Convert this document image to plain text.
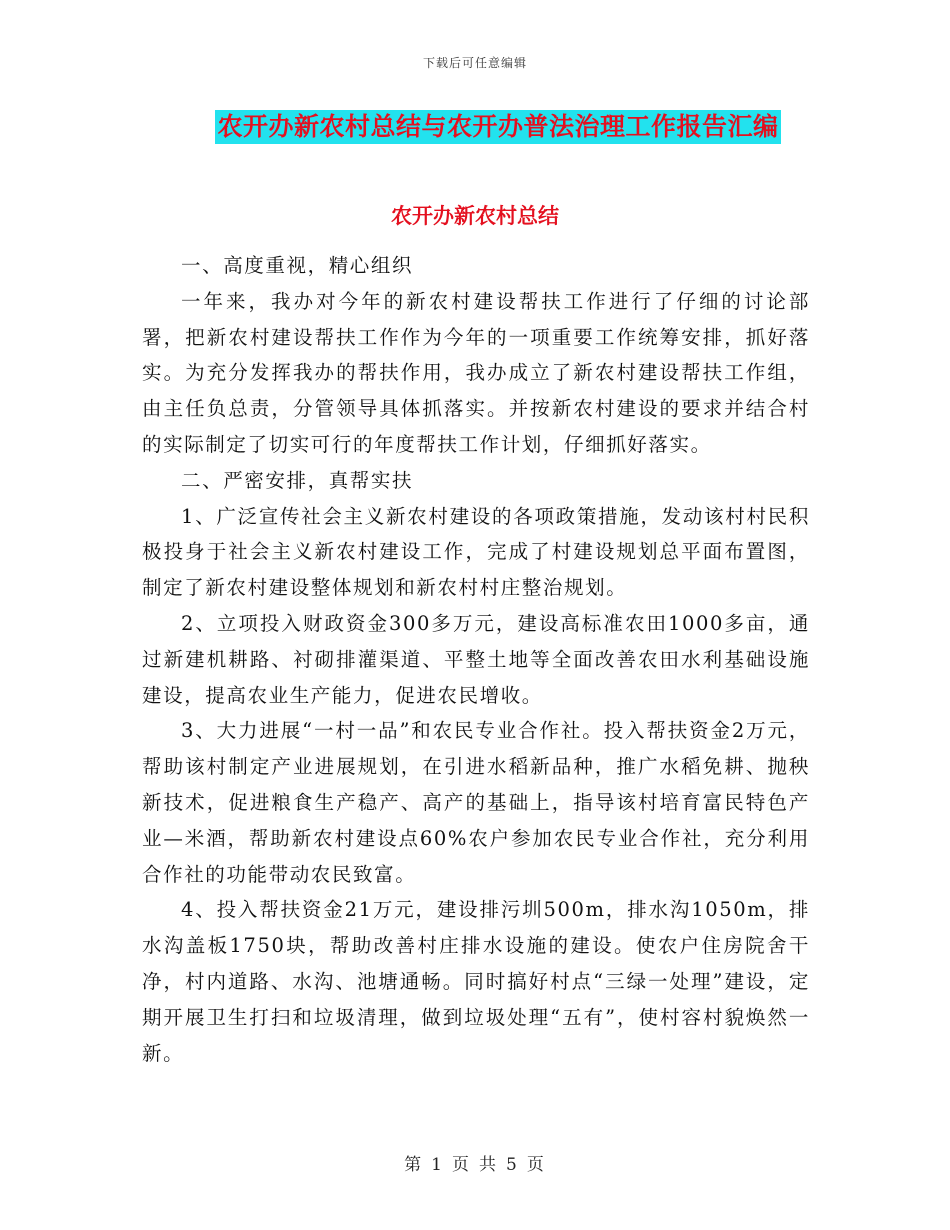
下载后可任意编辑
农开办新农村总结与农开办普法治理工作报告汇编
农开办新农村总结

一、高度重视，精心组织

一年来，我办对今年的新农村建设帮扶工作进行了仔细的讨论部署，把新农村建设帮扶工作作为今年的一项重要工作统筹安排，抓好落实。为充分发挥我办的帮扶作用，我办成立了新农村建设帮扶工作组，由主任负总责，分管领导具体抓落实。并按新农村建设的要求并结合村的实际制定了切实可行的年度帮扶工作计划，仔细抓好落实。

二、严密安排，真帮实扶

1、广泛宣传社会主义新农村建设的各项政策措施，发动该村村民积极投身于社会主义新农村建设工作，完成了村建设规划总平面布置图，制定了新农村建设整体规划和新农村村庄整治规划。

2、立项投入财政资金300多万元，建设高标准农田1000多亩，通过新建机耕路、衬砌排灌渠道、平整土地等全面改善农田水利基础设施建设，提高农业生产能力，促进农民增收。

3、大力进展“一村一品”和农民专业合作社。投入帮扶资金2万元，帮助该村制定产业进展规划，在引进水稻新品种，推广水稻免耕、抛秧新技术，促进粮食生产稳产、高产的基础上，指导该村培育富民特色产业—米酒，帮助新农村建设点60%农户参加农民专业合作社，充分利用合作社的功能带动农民致富。

4、投入帮扶资金21万元，建设排污圳500m，排水沟1050m，排水沟盖板1750块，帮助改善村庄排水设施的建设。使农户住房院舍干净，村内道路、水沟、池塘通畅。同时搞好村点“三绿一处理”建设，定期开展卫生打扫和垃圾清理，做到垃圾处理“五有”，使村容村貌焕然一新。

第 1 页 共 5 页
